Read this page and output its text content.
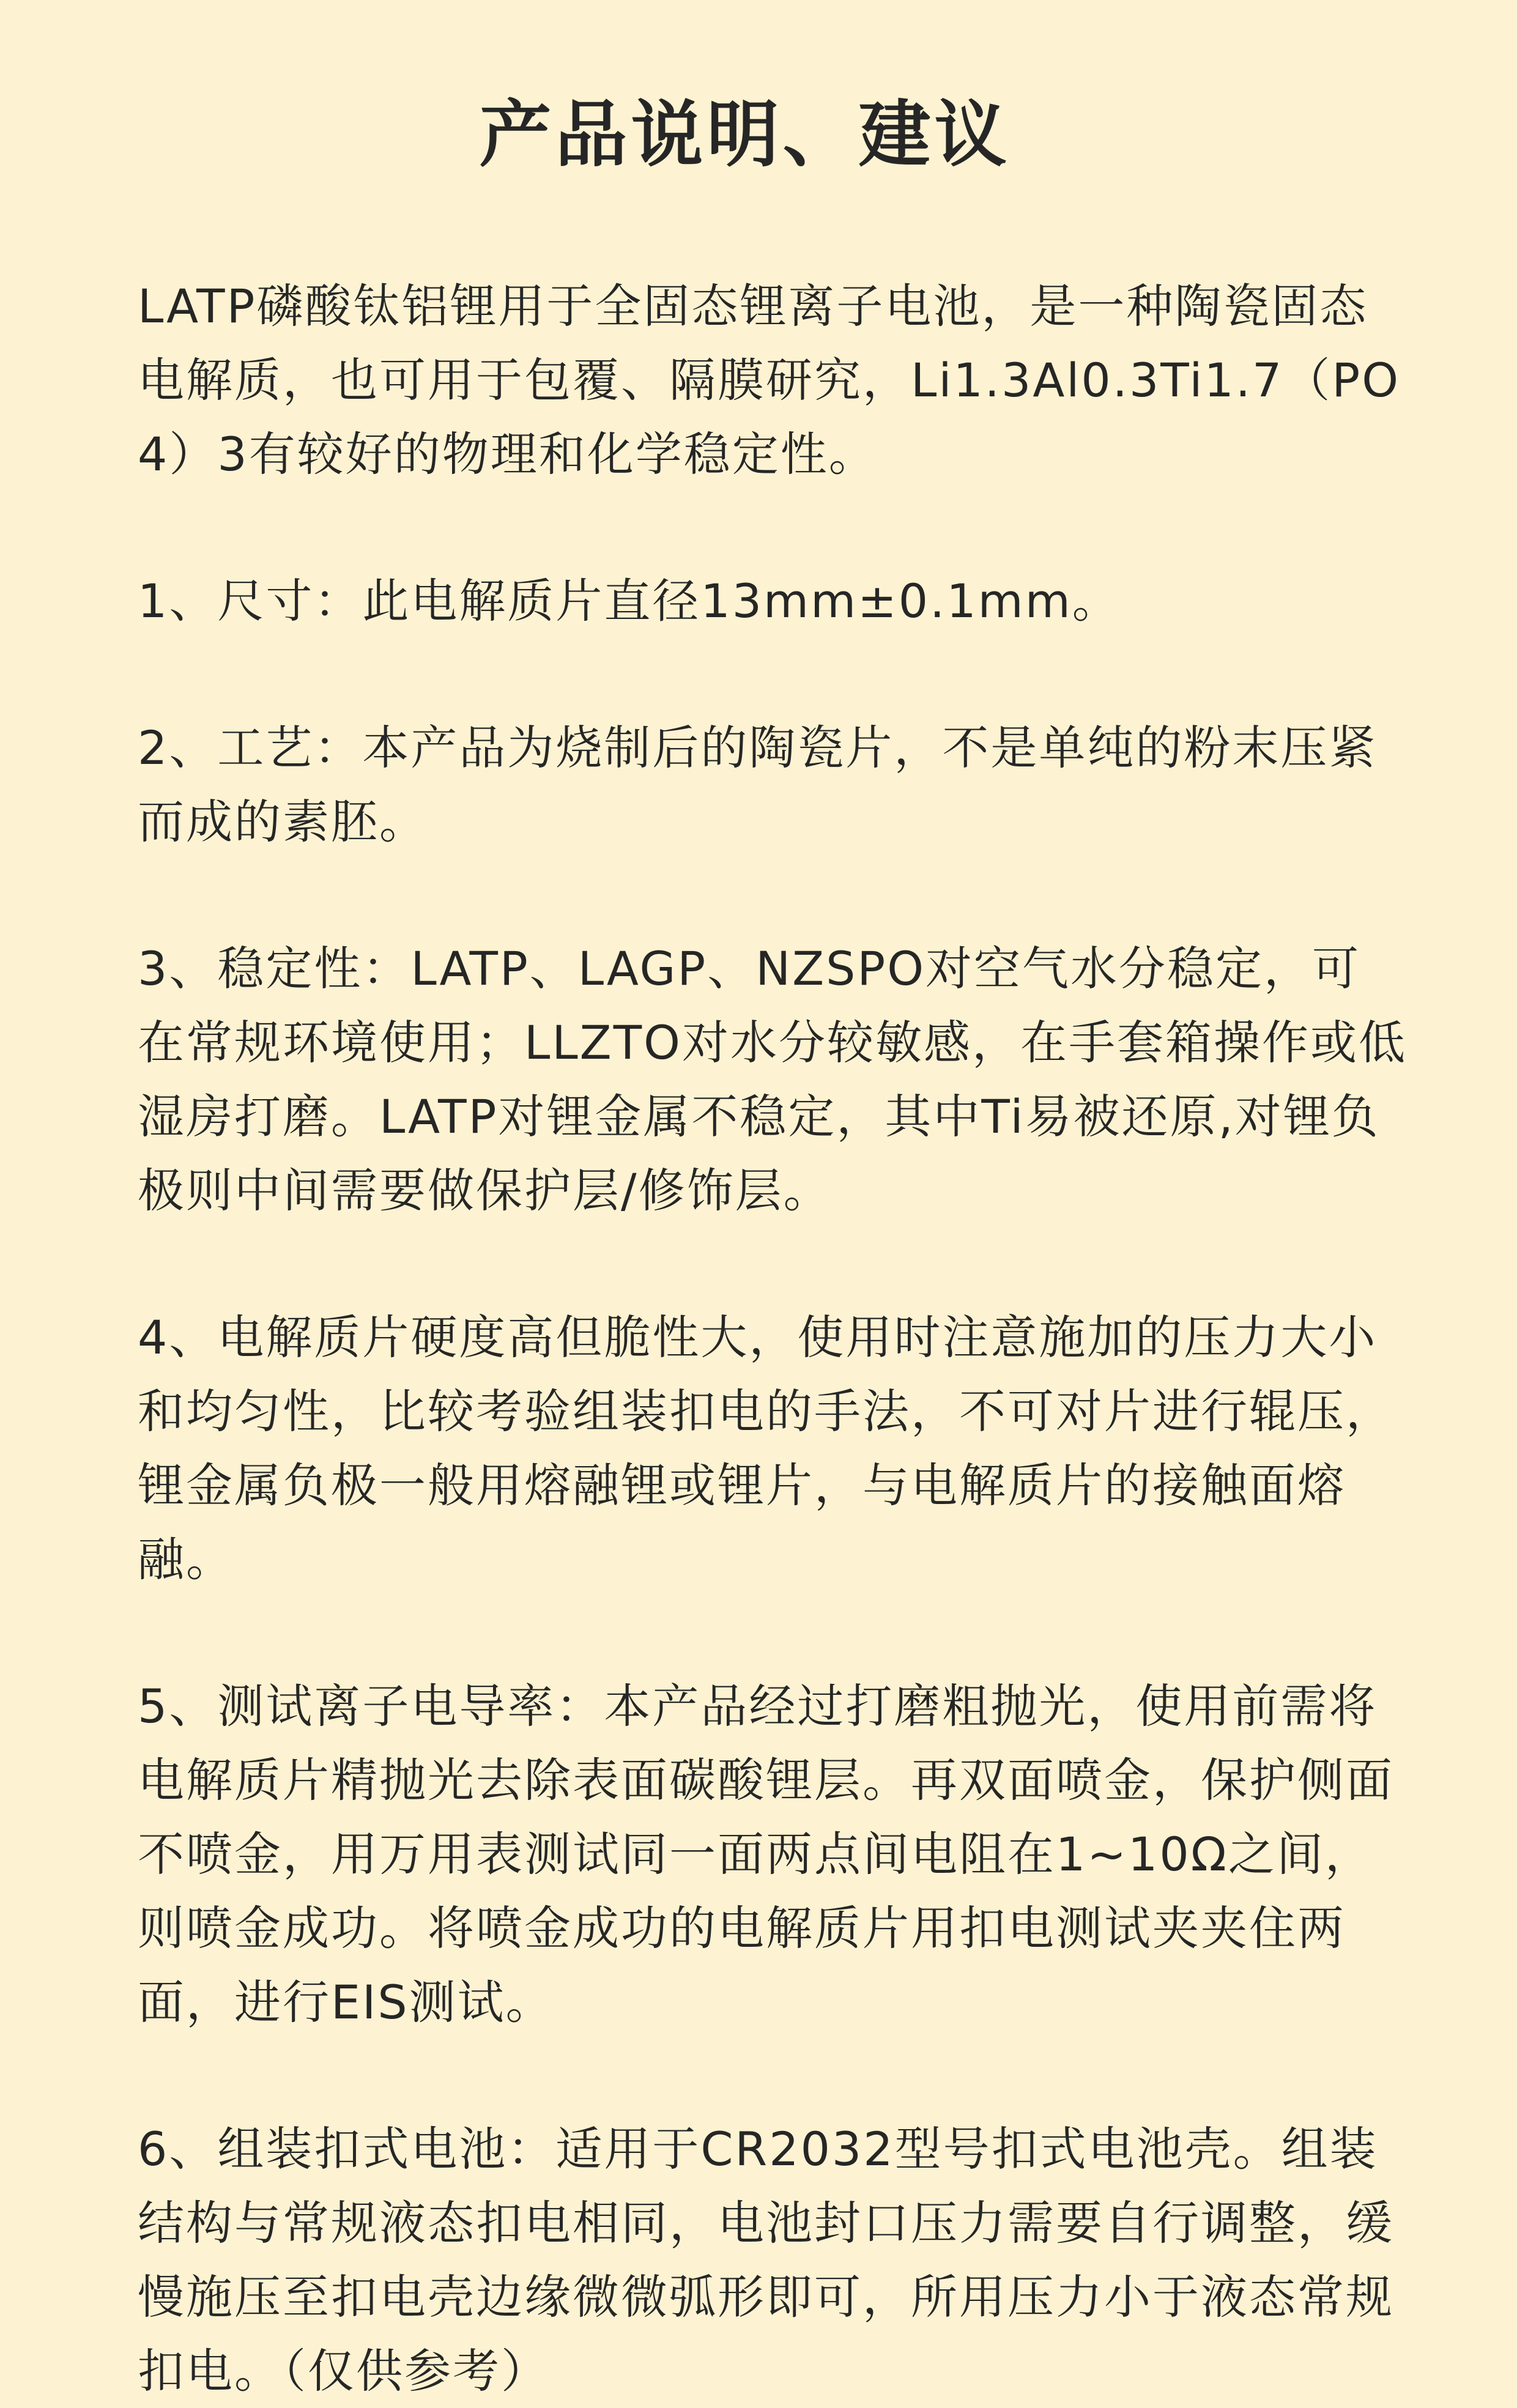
产品说明、建议

LATP磷酸钛铝锂用于全固态锂离子电池，是一种陶瓷固态电解质，也可用于包覆、隔膜研究，Li1.3Al0.3Ti1.7（PO4）3有较好的物理和化学稳定性。

1、尺寸：此电解质片直径13mm±0.1mm。

2、工艺：本产品为烧制后的陶瓷片，不是单纯的粉末压紧而成的素胚。

3、稳定性：LATP、LAGP、NZSPO对空气水分稳定，可在常规环境使用；LLZTO对水分较敏感，在手套箱操作或低湿房打磨。LATP对锂金属不稳定，其中Ti易被还原,对锂负极则中间需要做保护层/修饰层。

4、电解质片硬度高但脆性大，使用时注意施加的压力大小和均匀性，比较考验组装扣电的手法，不可对片进行辊压，锂金属负极一般用熔融锂或锂片，与电解质片的接触面熔融。

5、测试离子电导率：本产品经过打磨粗抛光，使用前需将电解质片精抛光去除表面碳酸锂层。再双面喷金，保护侧面不喷金，用万用表测试同一面两点间电阻在1~10Ω之间，则喷金成功。将喷金成功的电解质片用扣电测试夹夹住两面，进行EIS测试。

6、组装扣式电池：适用于CR2032型号扣式电池壳。组装结构与常规液态扣电相同，电池封口压力需要自行调整，缓慢施压至扣电壳边缘微微弧形即可，所用压力小于液态常规扣电。（仅供参考）
